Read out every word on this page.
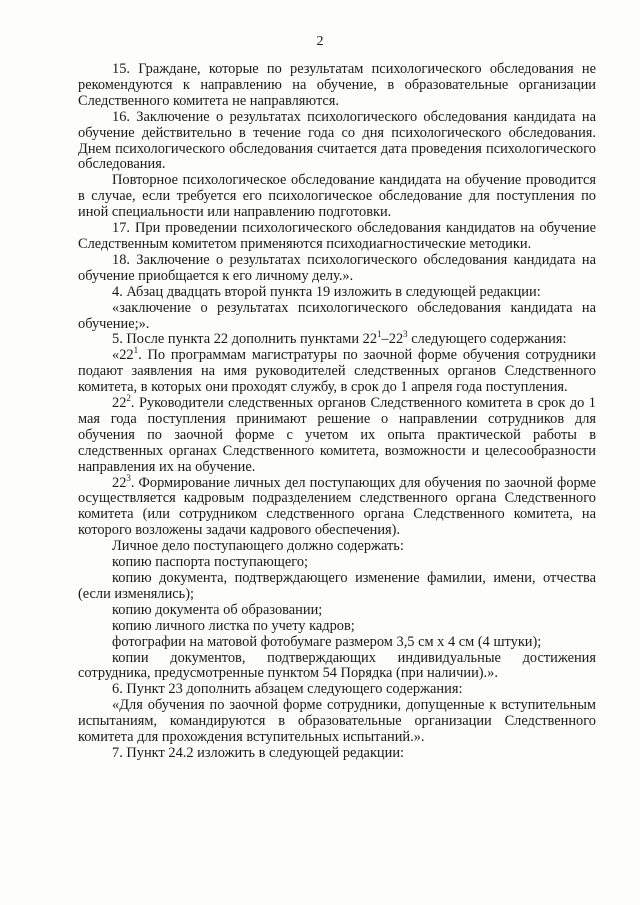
2

15. Граждане, которые по результатам психологического обследования не рекомендуются к направлению на обучение, в образовательные организации Следственного комитета не направляются.

16. Заключение о результатах психологического обследования кандидата на обучение действительно в течение года со дня психологического обследования. Днем психологического обследования считается дата проведения психологического обследования.

Повторное психологическое обследование кандидата на обучение проводится в случае, если требуется его психологическое обследование для поступления по иной специальности или направлению подготовки.

17. При проведении психологического обследования кандидатов на обучение Следственным комитетом применяются психодиагностические методики.

18. Заключение о результатах психологического обследования кандидата на обучение приобщается к его личному делу.».

4. Абзац двадцать второй пункта 19 изложить в следующей редакции:

«заключение о результатах психологического обследования кандидата на обучение;».

5. После пункта 22 дополнить пунктами $22^1-22^3$ следующего содержания:

«$22^1$. По программам магистратуры по заочной форме обучения сотрудники подают заявления на имя руководителей следственных органов Следственного комитета, в которых они проходят службу, в срок до 1 апреля года поступления.

$22^2$. Руководители следственных органов Следственного комитета в срок до 1 мая года поступления принимают решение о направлении сотрудников для обучения по заочной форме с учетом их опыта практической работы в следственных органах Следственного комитета, возможности и целесообразности направления их на обучение.

$22^3$. Формирование личных дел поступающих для обучения по заочной форме осуществляется кадровым подразделением следственного органа Следственного комитета (или сотрудником следственного органа Следственного комитета, на которого возложены задачи кадрового обеспечения).

Личное дело поступающего должно содержать:

копию паспорта поступающего;

копию документа, подтверждающего изменение фамилии, имени, отчества (если изменялись);

копию документа об образовании;

копию личного листка по учету кадров;

фотографии на матовой фотобумаге размером 3,5 см х 4 см (4 штуки);

копии документов, подтверждающих индивидуальные достижения сотрудника, предусмотренные пунктом 54 Порядка (при наличии).».

6. Пункт 23 дополнить абзацем следующего содержания:

«Для обучения по заочной форме сотрудники, допущенные к вступительным испытаниям, командируются в образовательные организации Следственного комитета для прохождения вступительных испытаний.».

7. Пункт 24.2 изложить в следующей редакции:
